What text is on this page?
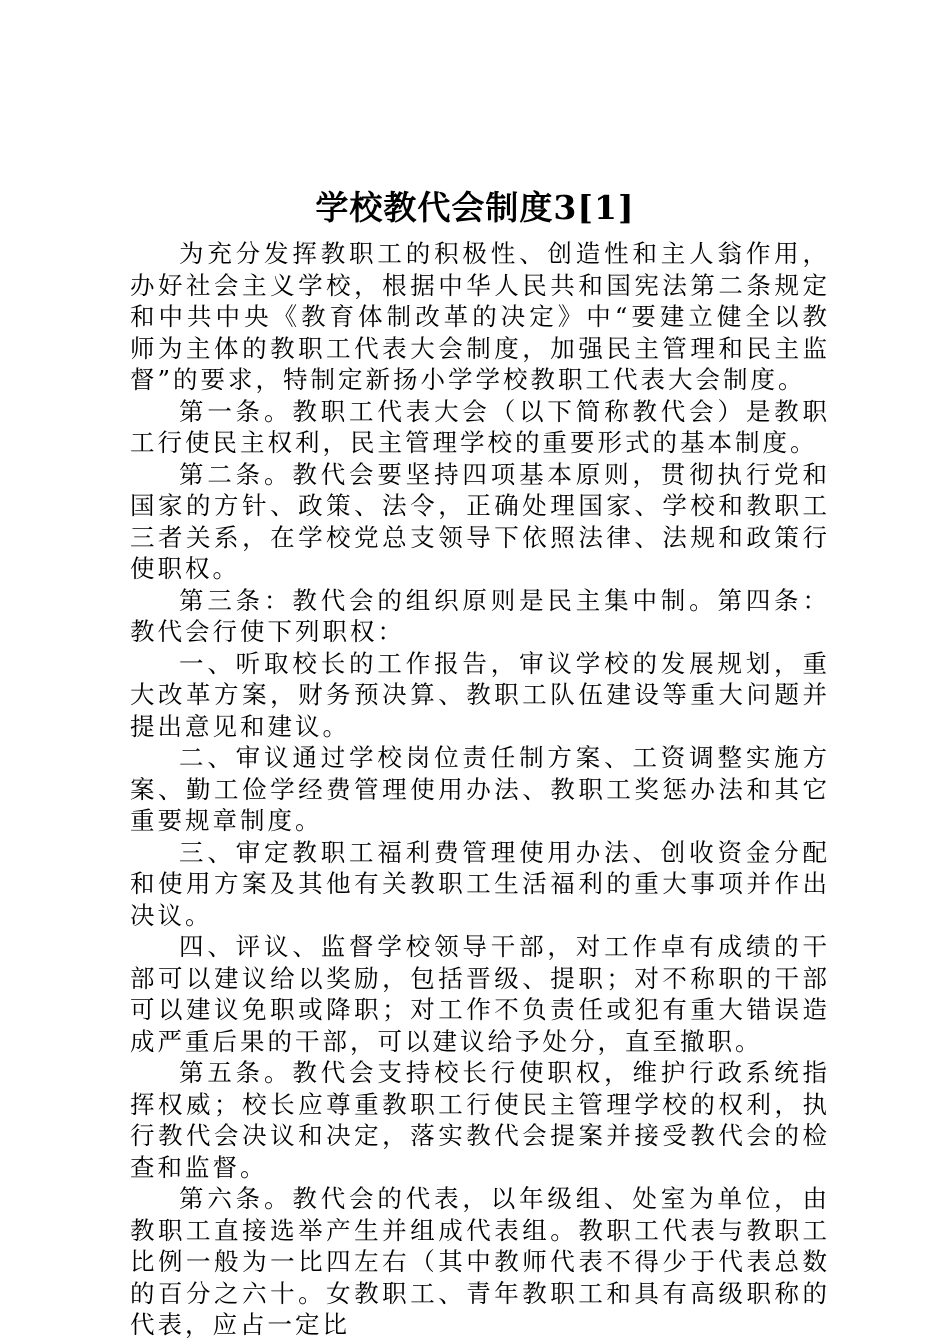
学校教代会制度3[1]

为充分发挥教职工的积极性、创造性和主人翁作用，办好社会主义学校，根据中华人民共和国宪法第二条规定和中共中央《教育体制改革的决定》中“要建立健全以教师为主体的教职工代表大会制度，加强民主管理和民主监督”的要求，特制定新扬小学学校教职工代表大会制度。

第一条。教职工代表大会（以下简称教代会）是教职工行使民主权利，民主管理学校的重要形式的基本制度。

第二条。教代会要坚持四项基本原则，贯彻执行党和国家的方针、政策、法令，正确处理国家、学校和教职工三者关系，在学校党总支领导下依照法律、法规和政策行使职权。

第三条：教代会的组织原则是民主集中制。第四条：教代会行使下列职权：

一、听取校长的工作报告，审议学校的发展规划，重大改革方案，财务预决算、教职工队伍建设等重大问题并提出意见和建议。

二、审议通过学校岗位责任制方案、工资调整实施方案、勤工俭学经费管理使用办法、教职工奖惩办法和其它重要规章制度。

三、审定教职工福利费管理使用办法、创收资金分配和使用方案及其他有关教职工生活福利的重大事项并作出决议。

四、评议、监督学校领导干部，对工作卓有成绩的干部可以建议给以奖励，包括晋级、提职；对不称职的干部可以建议免职或降职；对工作不负责任或犯有重大错误造成严重后果的干部，可以建议给予处分，直至撤职。

第五条。教代会支持校长行使职权，维护行政系统指挥权威；校长应尊重教职工行使民主管理学校的权利，执行教代会决议和决定，落实教代会提案并接受教代会的检查和监督。

第六条。教代会的代表，以年级组、处室为单位，由教职工直接选举产生并组成代表组。教职工代表与教职工比例一般为一比四左右（其中教师代表不得少于代表总数的百分之六十。女教职工、青年教职工和具有高级职称的代表，应占一定比
